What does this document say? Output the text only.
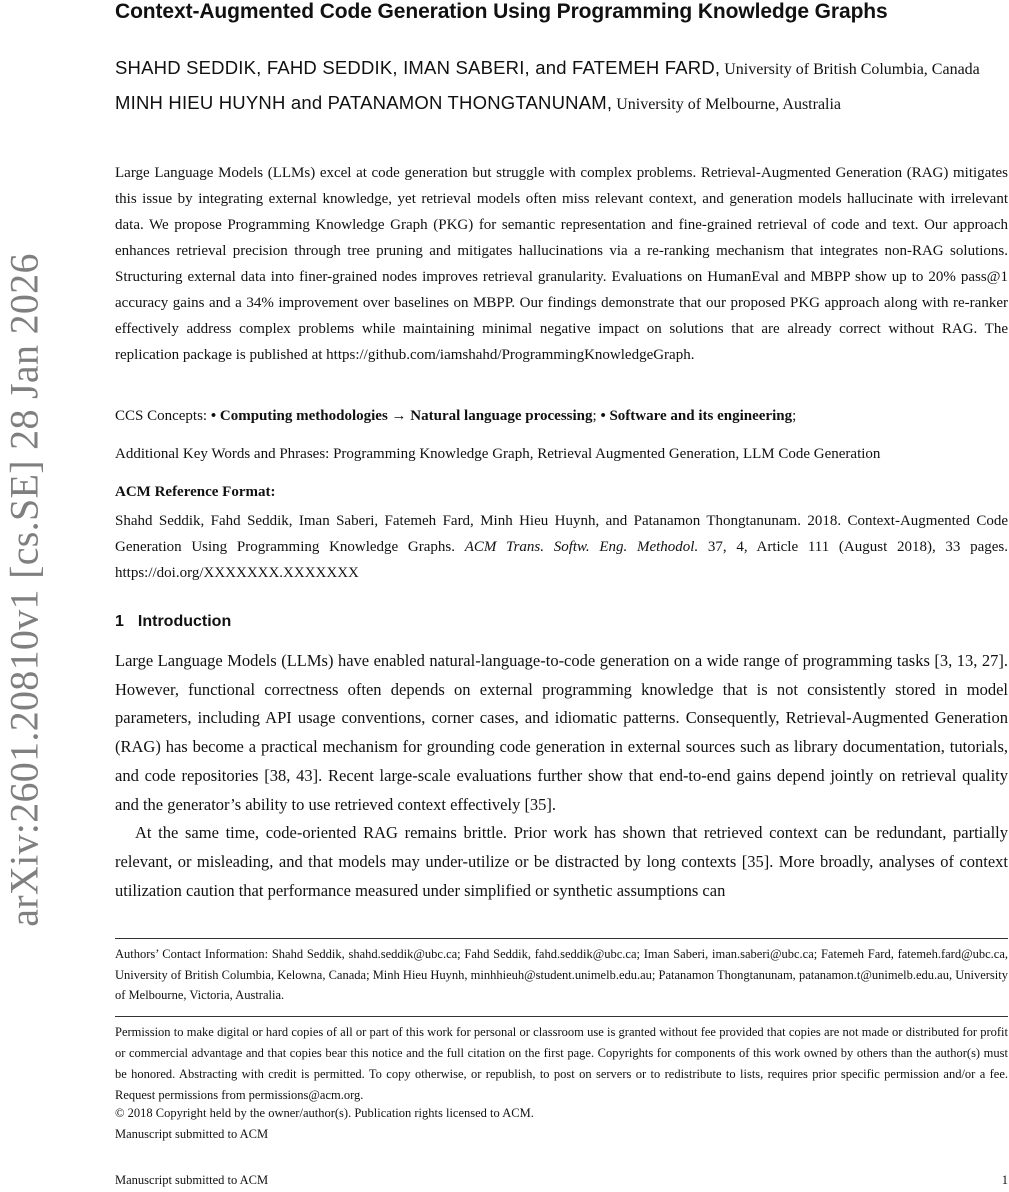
arXiv:2601.20810v1 [cs.SE] 28 Jan 2026
Context-Augmented Code Generation Using Programming Knowledge Graphs
SHAHD SEDDIK, FAHD SEDDIK, IMAN SABERI, and FATEMEH FARD, University of British Columbia, Canada
MINH HIEU HUYNH and PATANAMON THONGTANUNAM, University of Melbourne, Australia

Large Language Models (LLMs) excel at code generation but struggle with complex problems. Retrieval-Augmented Generation (RAG) mitigates this issue by integrating external knowledge, yet retrieval models often miss relevant context, and generation models hallucinate with irrelevant data. We propose Programming Knowledge Graph (PKG) for semantic representation and fine-grained retrieval of code and text. Our approach enhances retrieval precision through tree pruning and mitigates hallucinations via a re-ranking mechanism that integrates non-RAG solutions. Structuring external data into finer-grained nodes improves retrieval granularity. Evaluations on HumanEval and MBPP show up to 20% pass@1 accuracy gains and a 34% improvement over baselines on MBPP. Our findings demonstrate that our proposed PKG approach along with re-ranker effectively address complex problems while maintaining minimal negative impact on solutions that are already correct without RAG. The replication package is published at https://github.com/iamshahd/ProgrammingKnowledgeGraph.

CCS Concepts: • Computing methodologies → Natural language processing; • Software and its engineering;

Additional Key Words and Phrases: Programming Knowledge Graph, Retrieval Augmented Generation, LLM Code Generation

ACM Reference Format:

Shahd Seddik, Fahd Seddik, Iman Saberi, Fatemeh Fard, Minh Hieu Huynh, and Patanamon Thongtanunam. 2018. Context-Augmented Code Generation Using Programming Knowledge Graphs. ACM Trans. Softw. Eng. Methodol. 37, 4, Article 111 (August 2018), 33 pages. https://doi.org/XXXXXXX.XXXXXXX

1 Introduction

Large Language Models (LLMs) have enabled natural-language-to-code generation on a wide range of programming tasks [3, 13, 27]. However, functional correctness often depends on external programming knowledge that is not consistently stored in model parameters, including API usage conventions, corner cases, and idiomatic patterns. Consequently, Retrieval-Augmented Generation (RAG) has become a practical mechanism for grounding code generation in external sources such as library documentation, tutorials, and code repositories [38, 43]. Recent large-scale evaluations further show that end-to-end gains depend jointly on retrieval quality and the generator’s ability to use retrieved context effectively [35].

At the same time, code-oriented RAG remains brittle. Prior work has shown that retrieved context can be redundant, partially relevant, or misleading, and that models may under-utilize or be distracted by long contexts [35]. More broadly, analyses of context utilization caution that performance measured under simplified or synthetic assumptions can

Authors’ Contact Information: Shahd Seddik, shahd.seddik@ubc.ca; Fahd Seddik, fahd.seddik@ubc.ca; Iman Saberi, iman.saberi@ubc.ca; Fatemeh Fard, fatemeh.fard@ubc.ca, University of British Columbia, Kelowna, Canada; Minh Hieu Huynh, minhhieuh@student.unimelb.edu.au; Patanamon Thongtanunam, patanamon.t@unimelb.edu.au, University of Melbourne, Victoria, Australia.

Permission to make digital or hard copies of all or part of this work for personal or classroom use is granted without fee provided that copies are not made or distributed for profit or commercial advantage and that copies bear this notice and the full citation on the first page. Copyrights for components of this work owned by others than the author(s) must be honored. Abstracting with credit is permitted. To copy otherwise, or republish, to post on servers or to redistribute to lists, requires prior specific permission and/or a fee. Request permissions from permissions@acm.org.

© 2018 Copyright held by the owner/author(s). Publication rights licensed to ACM.

Manuscript submitted to ACM

Manuscript submitted to ACM	1
